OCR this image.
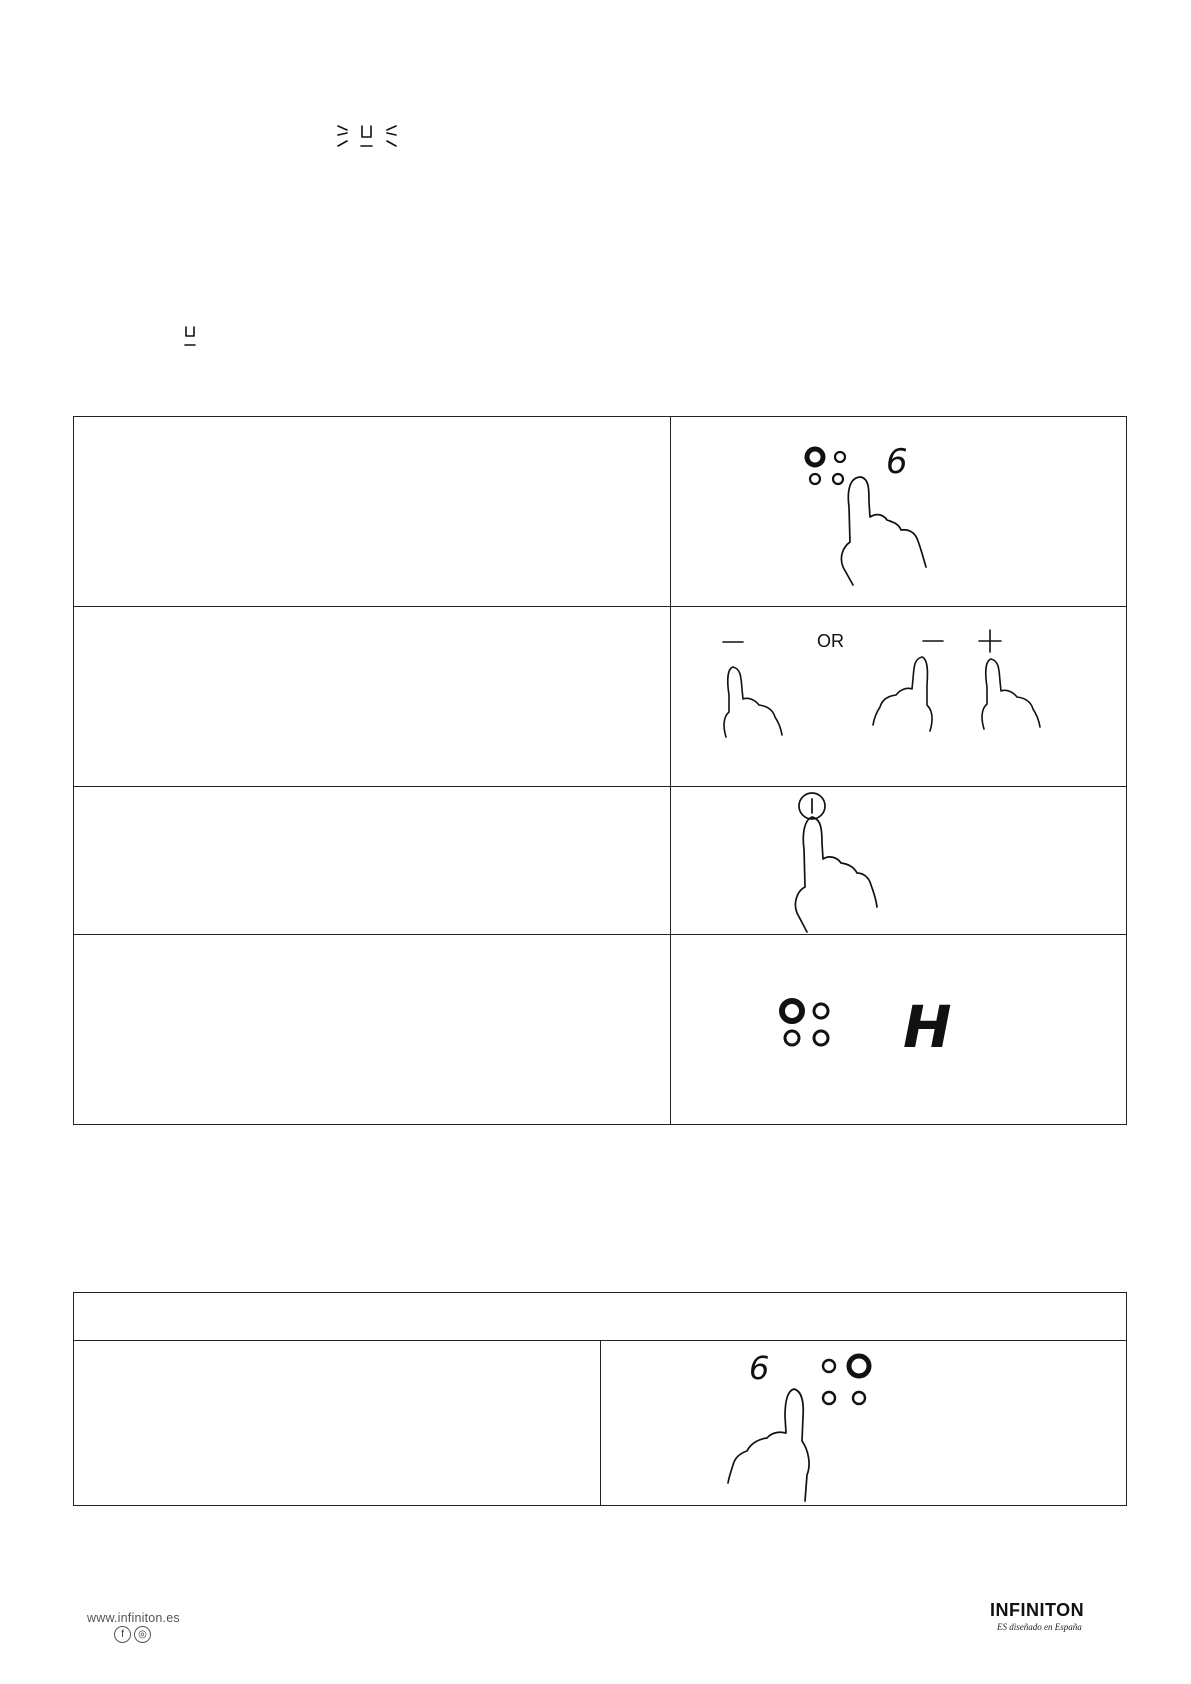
6

OR

H

6
www.infiniton.es
f	◎
INFINITON
ES diseñado en España
